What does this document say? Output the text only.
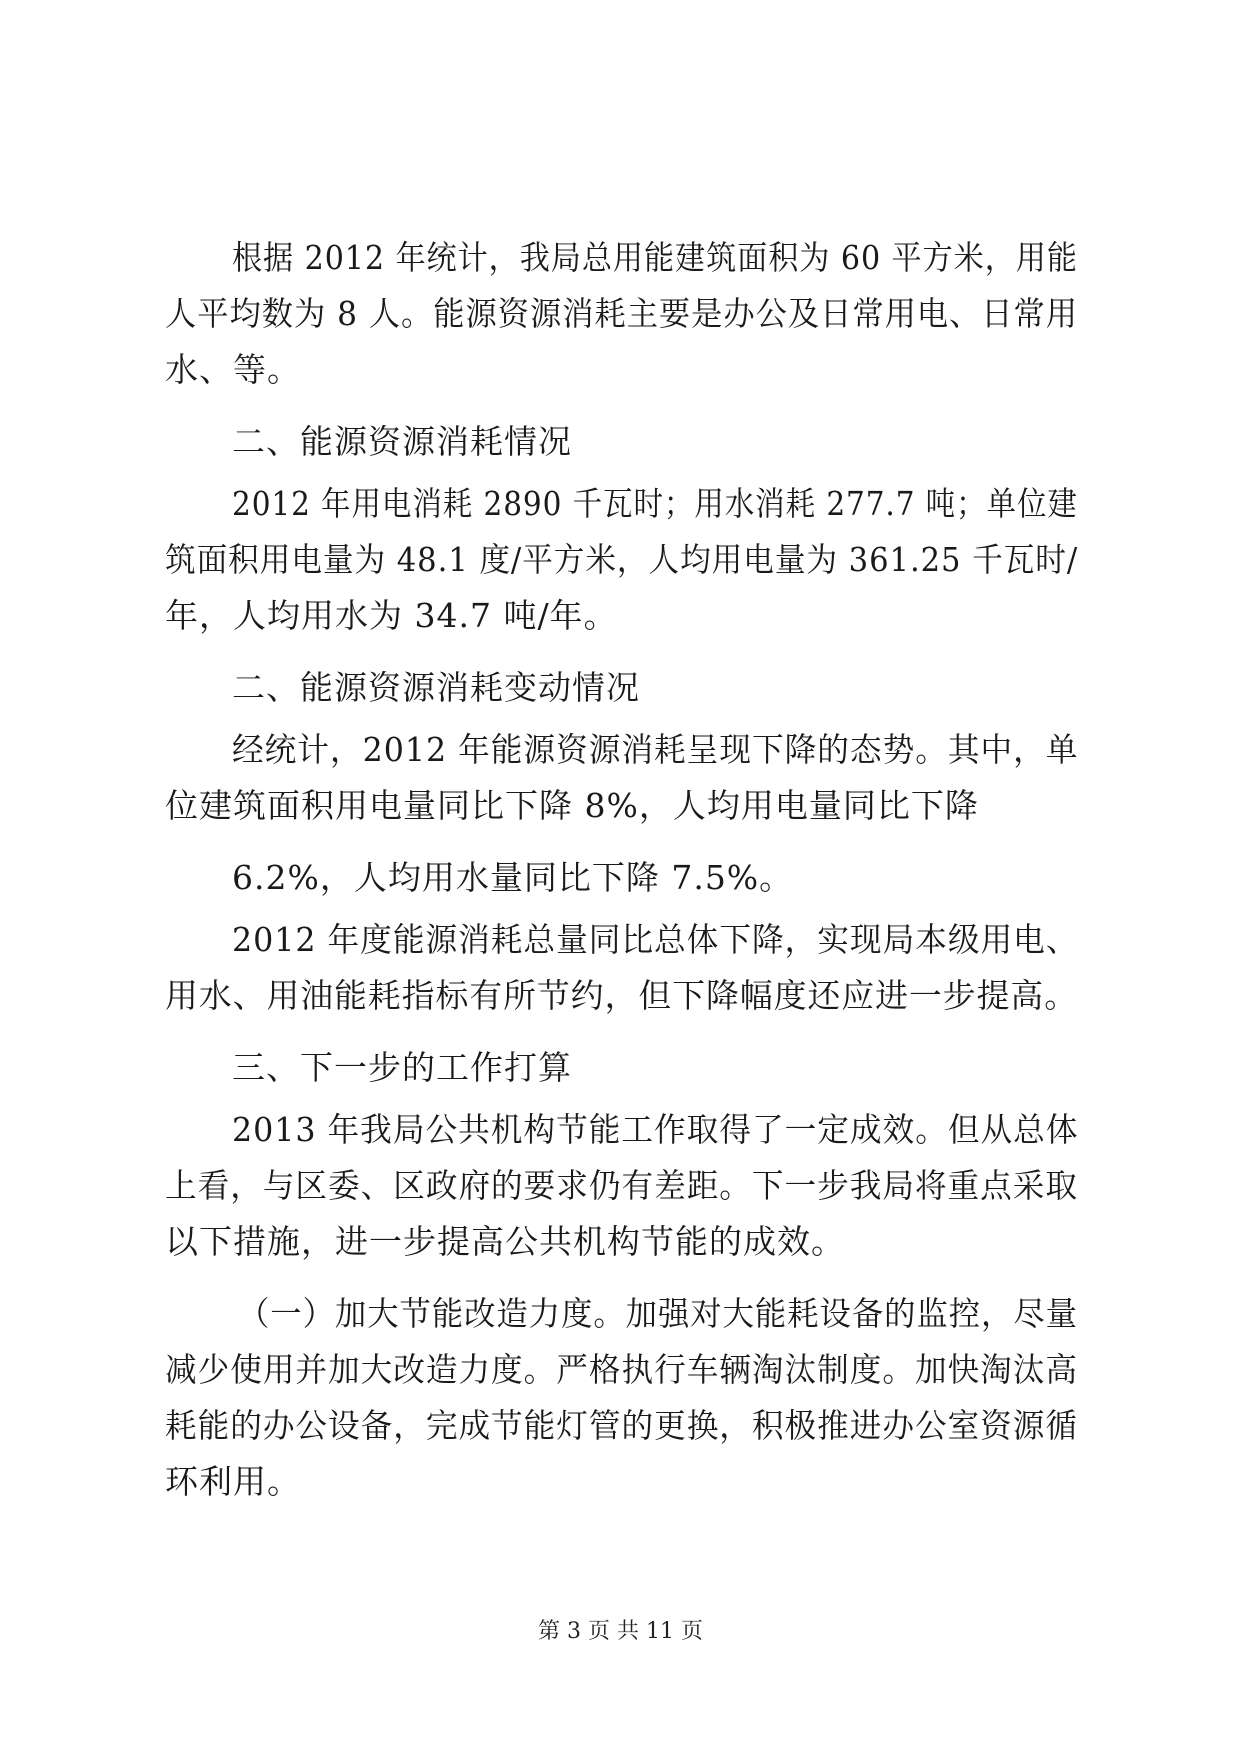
根据 2012 年统计，我局总用能建筑面积为 60 平方米，用能
人平均数为 8 人。能源资源消耗主要是办公及日常用电、日常用
水、等。
二、能源资源消耗情况
2012 年用电消耗 2890 千瓦时；用水消耗 277.7 吨；单位建
筑面积用电量为 48.1 度/平方米，人均用电量为 361.25 千瓦时/
年，人均用水为 34.7 吨/年。
二、能源资源消耗变动情况
经统计，2012 年能源资源消耗呈现下降的态势。其中，单
位建筑面积用电量同比下降 8%，人均用电量同比下降
6.2%，人均用水量同比下降 7.5%。
2012 年度能源消耗总量同比总体下降，实现局本级用电、
用水、用油能耗指标有所节约，但下降幅度还应进一步提高。
三、下一步的工作打算
2013 年我局公共机构节能工作取得了一定成效。但从总体
上看，与区委、区政府的要求仍有差距。下一步我局将重点采取
以下措施，进一步提高公共机构节能的成效。
（一）加大节能改造力度。加强对大能耗设备的监控，尽量
减少使用并加大改造力度。严格执行车辆淘汰制度。加快淘汰高
耗能的办公设备，完成节能灯管的更换，积极推进办公室资源循
环利用。
第 3 页 共 11 页
